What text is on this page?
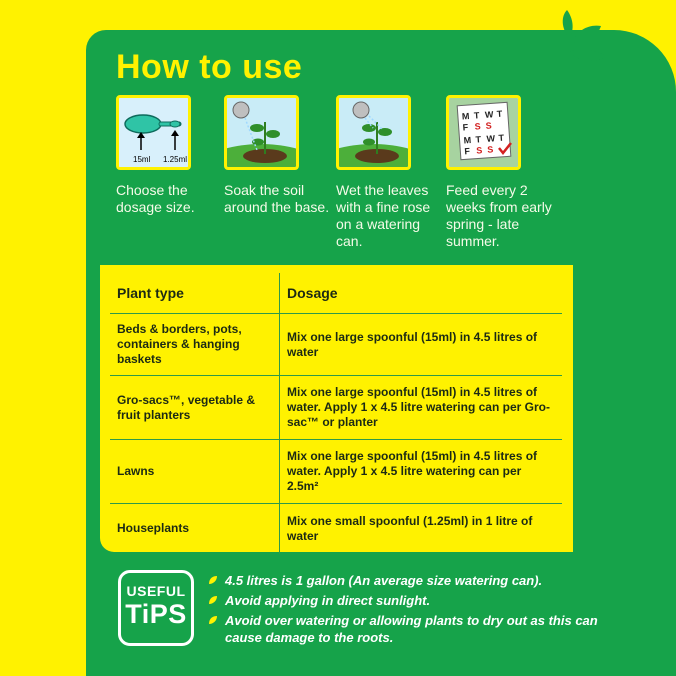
How to use
15ml 1.25ml
Choose the dosage size.
Soak the soil around the base.
Wet the leaves with a fine rose on a watering can.
M T W T
F S S
M T W T
F S S
Feed every 2 weeks from early spring - late summer.
Plant type	Dosage
Beds & borders, pots, containers & hanging baskets	Mix one large spoonful (15ml) in 4.5 litres of water
Gro-sacs™, vegetable & fruit planters	Mix one large spoonful (15ml) in 4.5 litres of water. Apply 1 x 4.5 litre watering can per Gro-sac™ or planter
Lawns	Mix one large spoonful (15ml) in 4.5 litres of water. Apply 1 x 4.5 litre watering can per 2.5m²
Houseplants	Mix one small spoonful (1.25ml) in 1 litre of water
USEFUL
TiPS
4.5 litres is 1 gallon (An average size watering can).
Avoid applying in direct sunlight.
Avoid over watering or allowing plants to dry out as this can cause damage to the roots.
